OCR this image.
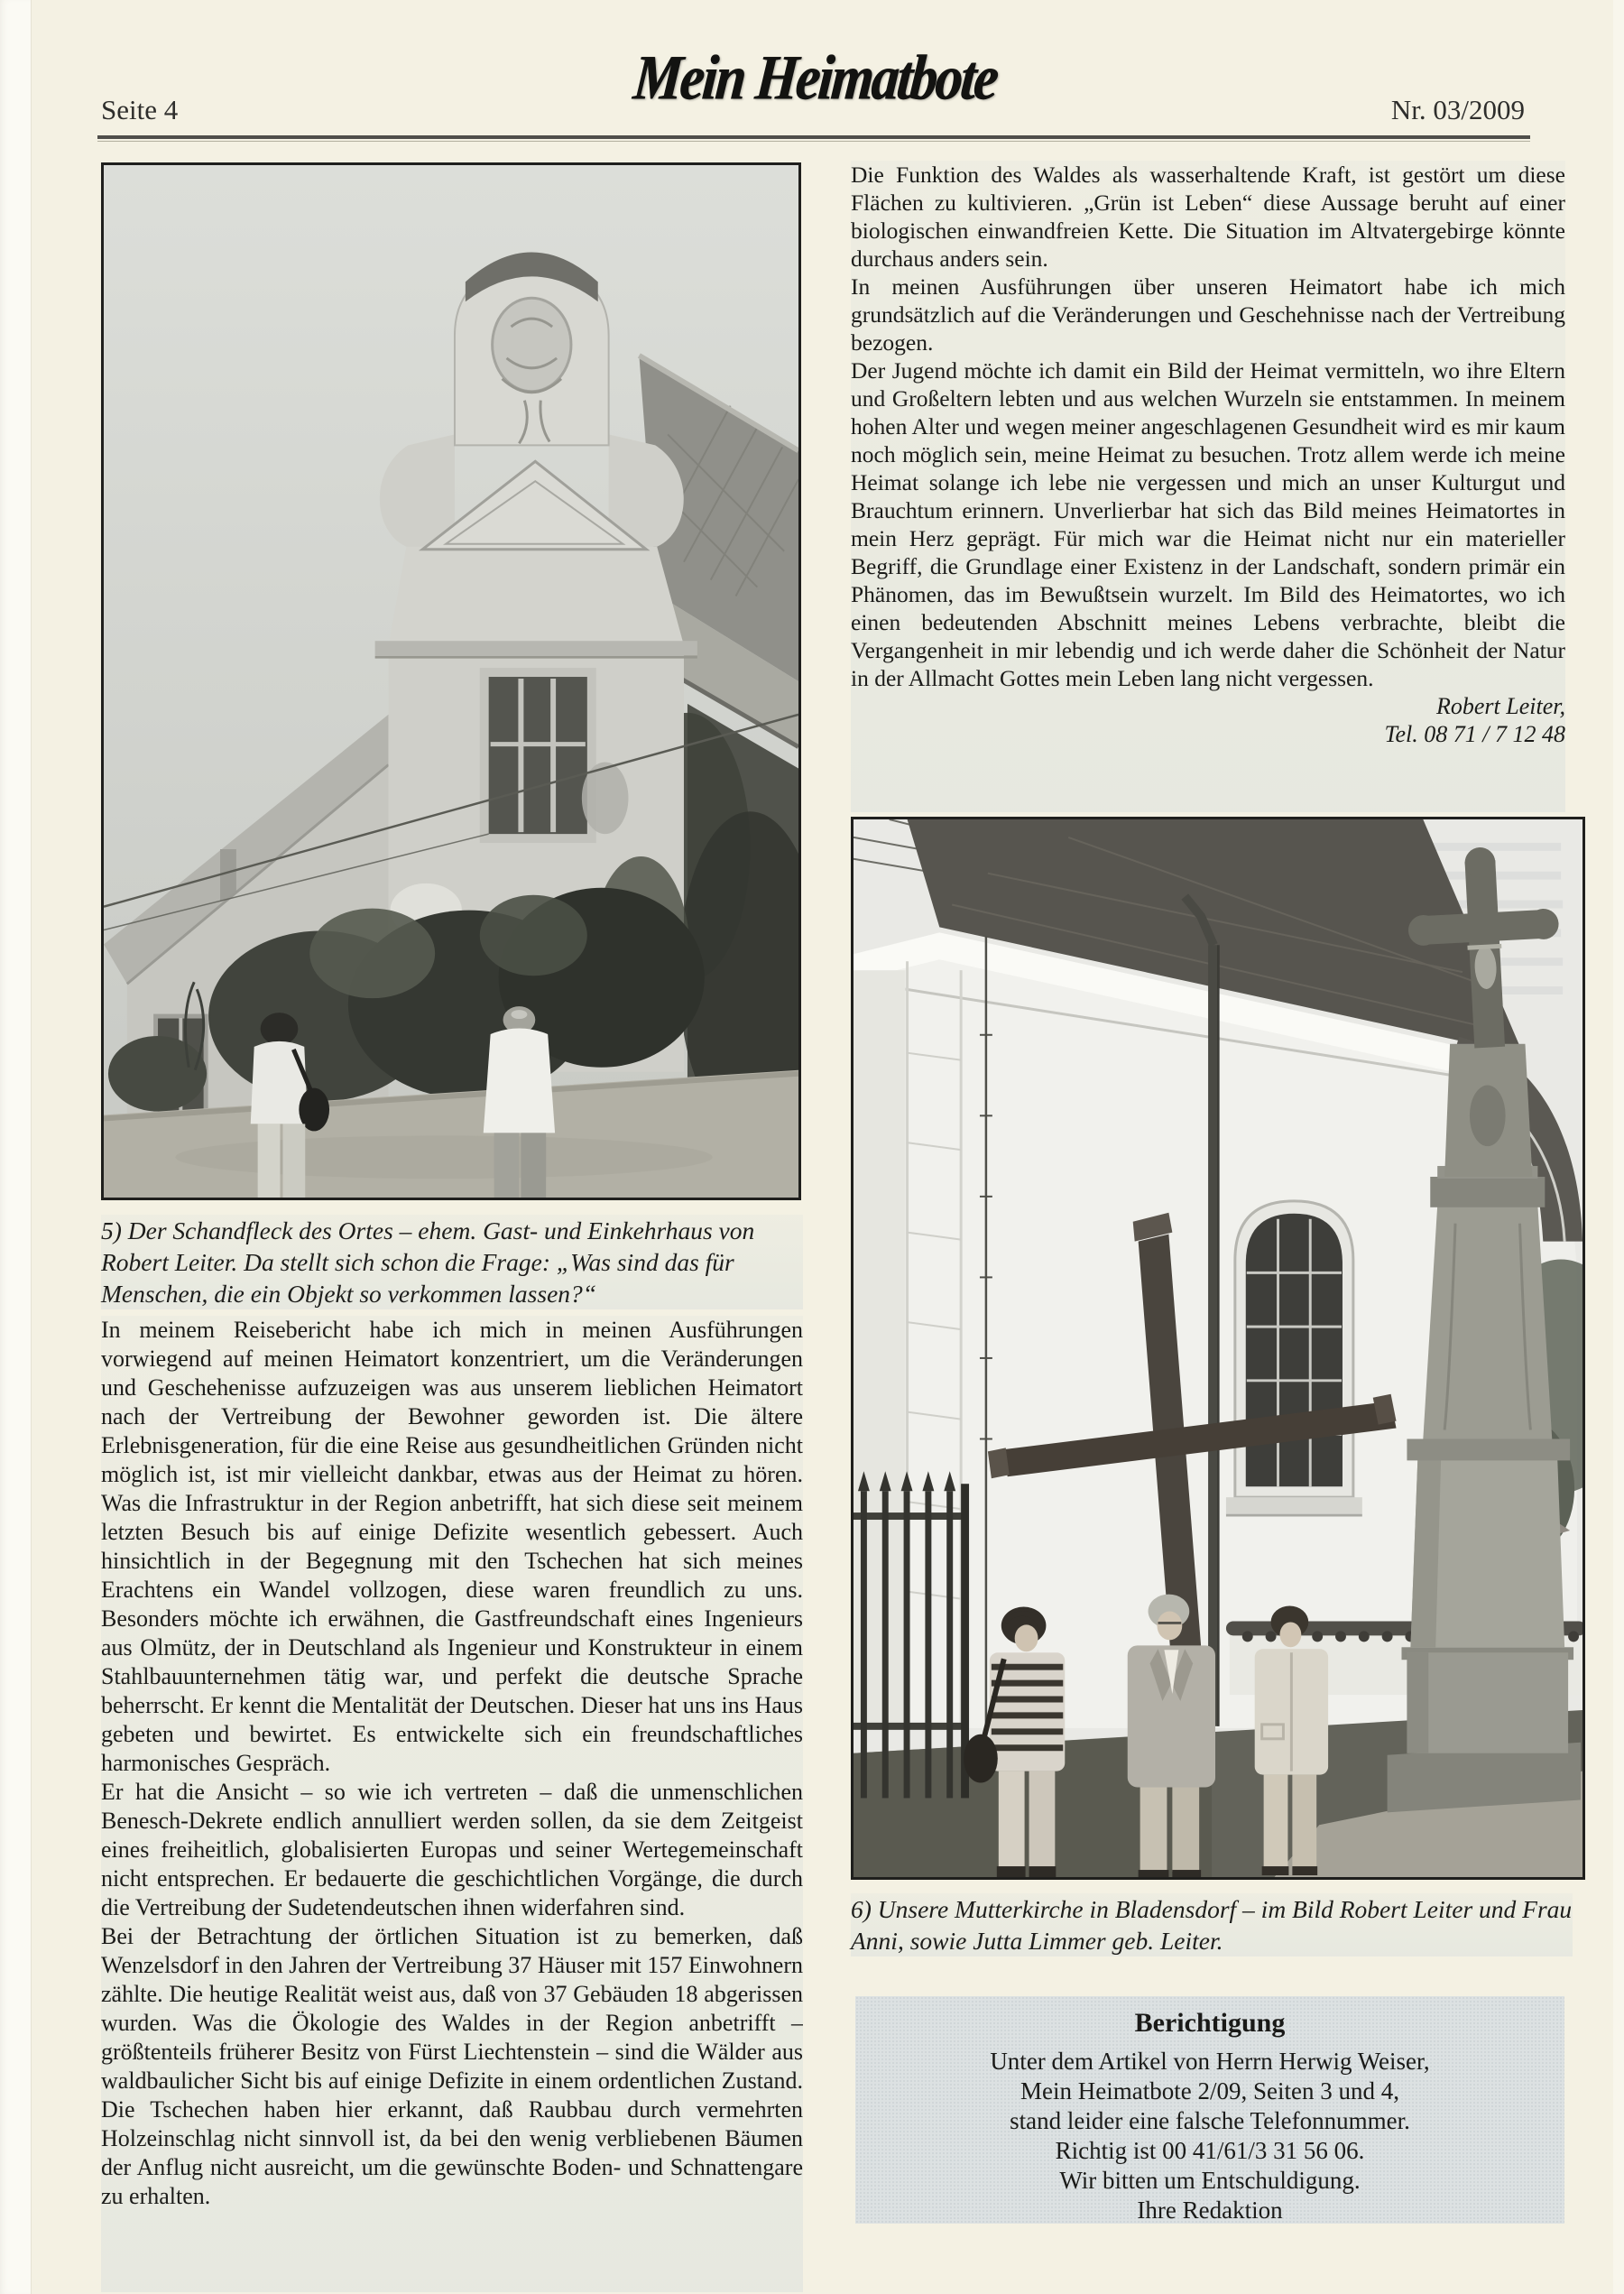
Seite 4	Mein Heimatbote	Nr. 03/2009
5) Der Schandfleck des Ortes – ehem. Gast- und Einkehrhaus von Robert Leiter. Da stellt sich schon die Frage: „Was sind das für Menschen, die ein Objekt so verkommen lassen?“

In meinem Reisebericht habe ich mich in meinen Ausführungen vorwiegend auf meinen Heimatort konzentriert, um die Veränderungen und Geschehenisse aufzuzeigen was aus unserem lieblichen Heimatort nach der Vertreibung der Bewohner geworden ist. Die ältere Erlebnisgeneration, für die eine Reise aus gesundheitlichen Gründen nicht möglich ist, ist mir vielleicht dankbar, etwas aus der Heimat zu hören. Was die Infrastruktur in der Region anbetrifft, hat sich diese seit meinem letzten Besuch bis auf einige Defizite wesentlich gebessert. Auch hinsichtlich in der Begegnung mit den Tschechen hat sich meines Erachtens ein Wandel vollzogen, diese waren freundlich zu uns. Besonders möchte ich erwähnen, die Gastfreundschaft eines Ingenieurs aus Olmütz, der in Deutschland als Ingenieur und Konstrukteur in einem Stahlbauunternehmen tätig war, und perfekt die deutsche Sprache beherrscht. Er kennt die Mentalität der Deutschen. Dieser hat uns ins Haus gebeten und bewirtet. Es entwickelte sich ein freundschaftliches harmonisches Gespräch.

Er hat die Ansicht – so wie ich vertreten – daß die unmenschlichen Benesch-Dekrete endlich annulliert werden sollen, da sie dem Zeitgeist eines freiheitlich, globalisierten Europas und seiner Wertegemeinschaft nicht entsprechen. Er bedauerte die geschichtlichen Vorgänge, die durch die Vertreibung der Sudetendeutschen ihnen widerfahren sind.

Bei der Betrachtung der örtlichen Situation ist zu bemerken, daß Wenzelsdorf in den Jahren der Vertreibung 37 Häuser mit 157 Einwohnern zählte. Die heutige Realität weist aus, daß von 37 Gebäuden 18 abgerissen wurden. Was die Ökologie des Waldes in der Region anbetrifft – größtenteils früherer Besitz von Fürst Liechtenstein – sind die Wälder aus waldbaulicher Sicht bis auf einige Defizite in einem ordentlichen Zustand. Die Tschechen haben hier erkannt, daß Raubbau durch vermehrten Holzeinschlag nicht sinnvoll ist, da bei den wenig verbliebenen Bäumen der Anflug nicht ausreicht, um die gewünschte Boden- und Schnattengare zu erhalten.

Die Funktion des Waldes als wasserhaltende Kraft, ist gestört um diese Flächen zu kultivieren. „Grün ist Leben“ diese Aussage beruht auf einer biologischen einwandfreien Kette. Die Situation im Altvatergebirge könnte durchaus anders sein.

In meinen Ausführungen über unseren Heimatort habe ich mich grundsätzlich auf die Veränderungen und Geschehnisse nach der Vertreibung bezogen.

Der Jugend möchte ich damit ein Bild der Heimat vermitteln, wo ihre Eltern und Großeltern lebten und aus welchen Wurzeln sie entstammen. In meinem hohen Alter und wegen meiner angeschlagenen Gesundheit wird es mir kaum noch möglich sein, meine Heimat zu besuchen. Trotz allem werde ich meine Heimat solange ich lebe nie vergessen und mich an unser Kulturgut und Brauchtum erinnern. Unverlierbar hat sich das Bild meines Heimatortes in mein Herz geprägt. Für mich war die Heimat nicht nur ein materieller Begriff, die Grundlage einer Existenz in der Landschaft, sondern primär ein Phänomen, das im Bewußtsein wurzelt. Im Bild des Heimatortes, wo ich einen bedeutenden Abschnitt meines Lebens verbrachte, bleibt die Vergangenheit in mir lebendig und ich werde daher die Schönheit der Natur in der Allmacht Gottes mein Leben lang nicht vergessen.

Robert Leiter,
Tel. 08 71 / 7 12 48
6) Unsere Mutterkirche in Bladensdorf – im Bild Robert Leiter und Frau Anni, sowie Jutta Limmer geb. Leiter.
Berichtigung
Unter dem Artikel von Herrn Herwig Weiser,
Mein Heimatbote 2/09, Seiten 3 und 4,
stand leider eine falsche Telefonnummer.
Richtig ist 00 41/61/3 31 56 06.
Wir bitten um Entschuldigung.
Ihre Redaktion
